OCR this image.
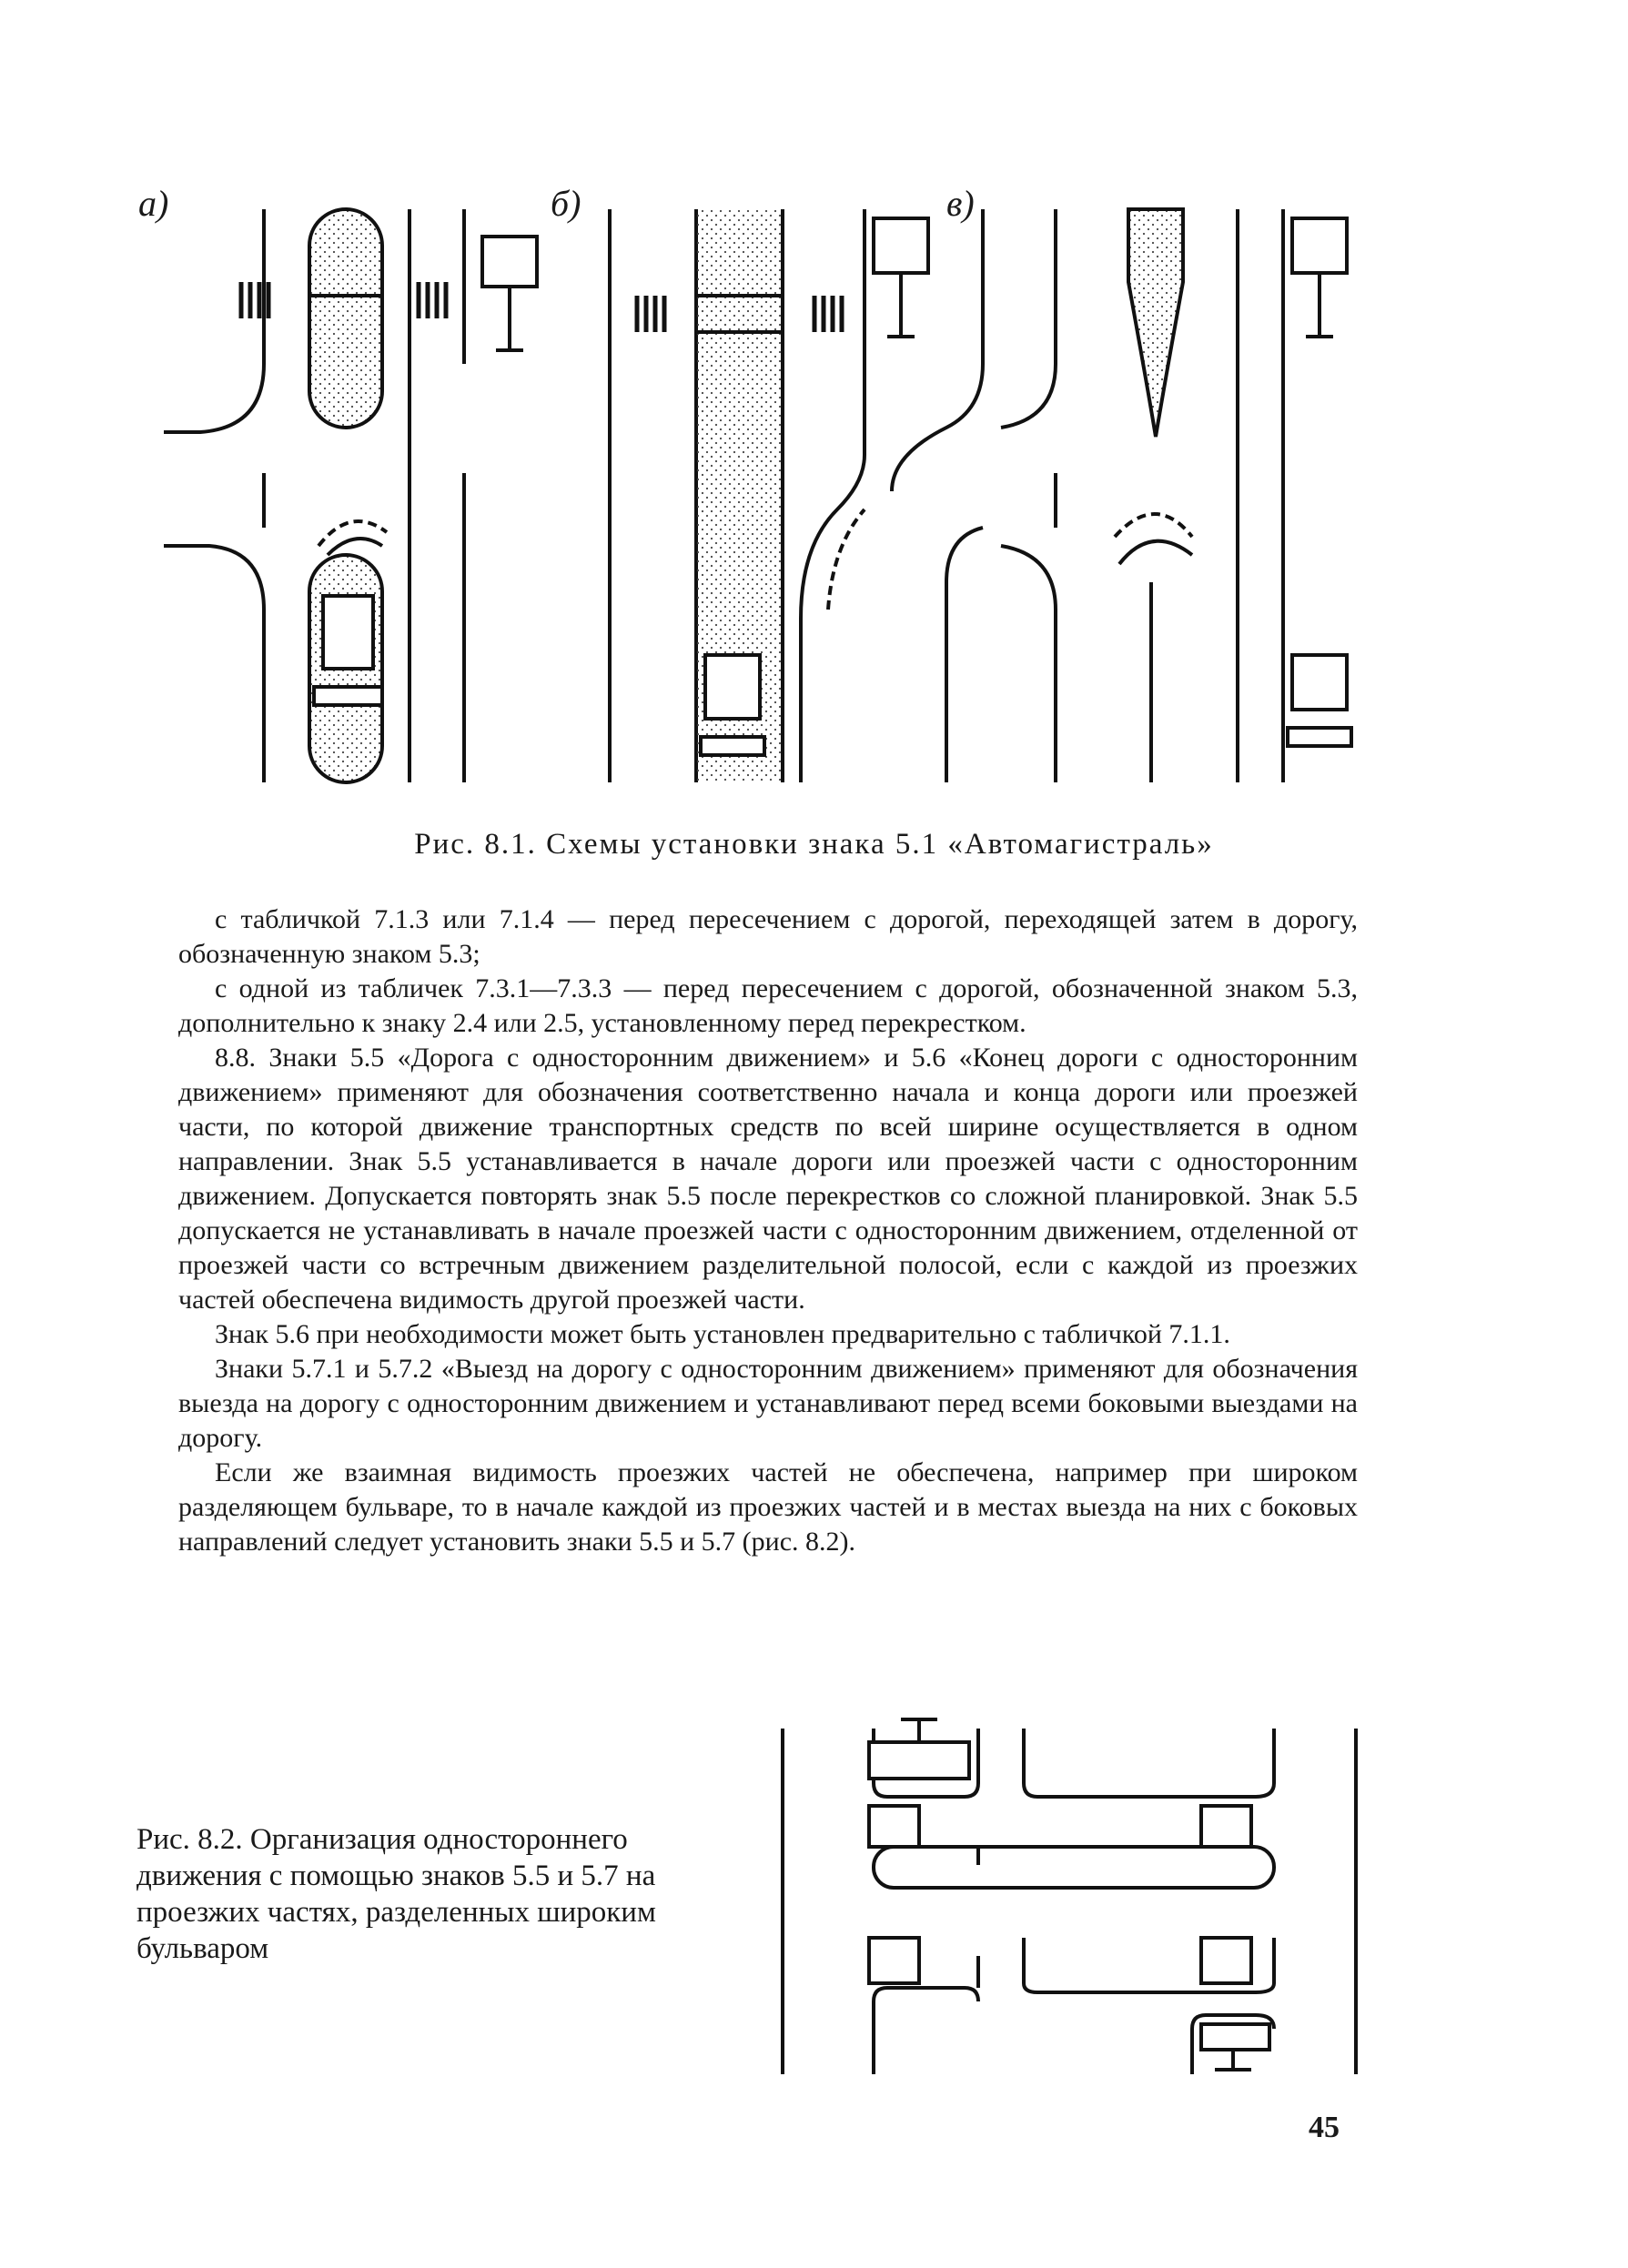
а)	б)	в)
Рис. 8.1. Схемы установки знака 5.1 «Автомагистраль»

с табличкой 7.1.3 или 7.1.4 — перед пересечением с дорогой, переходящей затем в дорогу, обозначенную знаком 5.3;

с одной из табличек 7.3.1—7.3.3 — перед пересечением с дорогой, обозначенной знаком 5.3, дополнительно к знаку 2.4 или 2.5, установленному перед перекрестком.

8.8. Знаки 5.5 «Дорога с односторонним движением» и 5.6 «Конец дороги с односторонним движением» применяют для обозначения соответственно начала и конца дороги или проезжей части, по которой движение транспортных средств по всей ширине осуществляется в одном направлении. Знак 5.5 устанавливается в начале дороги или проезжей части с односторонним движением. Допускается повторять знак 5.5 после перекрестков со сложной планировкой. Знак 5.5 допускается не устанавливать в начале проезжей части с односторонним движением, отделенной от проезжей части со встречным движением разделительной полосой, если с каждой из проезжих частей обеспечена видимость другой проезжей части.

Знак 5.6 при необходимости может быть установлен предварительно с табличкой 7.1.1.

Знаки 5.7.1 и 5.7.2 «Выезд на дорогу с односторонним движением» применяют для обозначения выезда на дорогу с односторонним движением и устанавливают перед всеми боковыми выездами на дорогу.

Если же взаимная видимость проезжих частей не обеспечена, например при широком разделяющем бульваре, то в начале каждой из проезжих частей и в местах выезда на них с боковых направлений следует установить знаки 5.5 и 5.7 (рис. 8.2).

Рис. 8.2. Организация одностороннего движения с помощью знаков 5.5 и 5.7 на проезжих частях, разделенных широким бульваром
45
